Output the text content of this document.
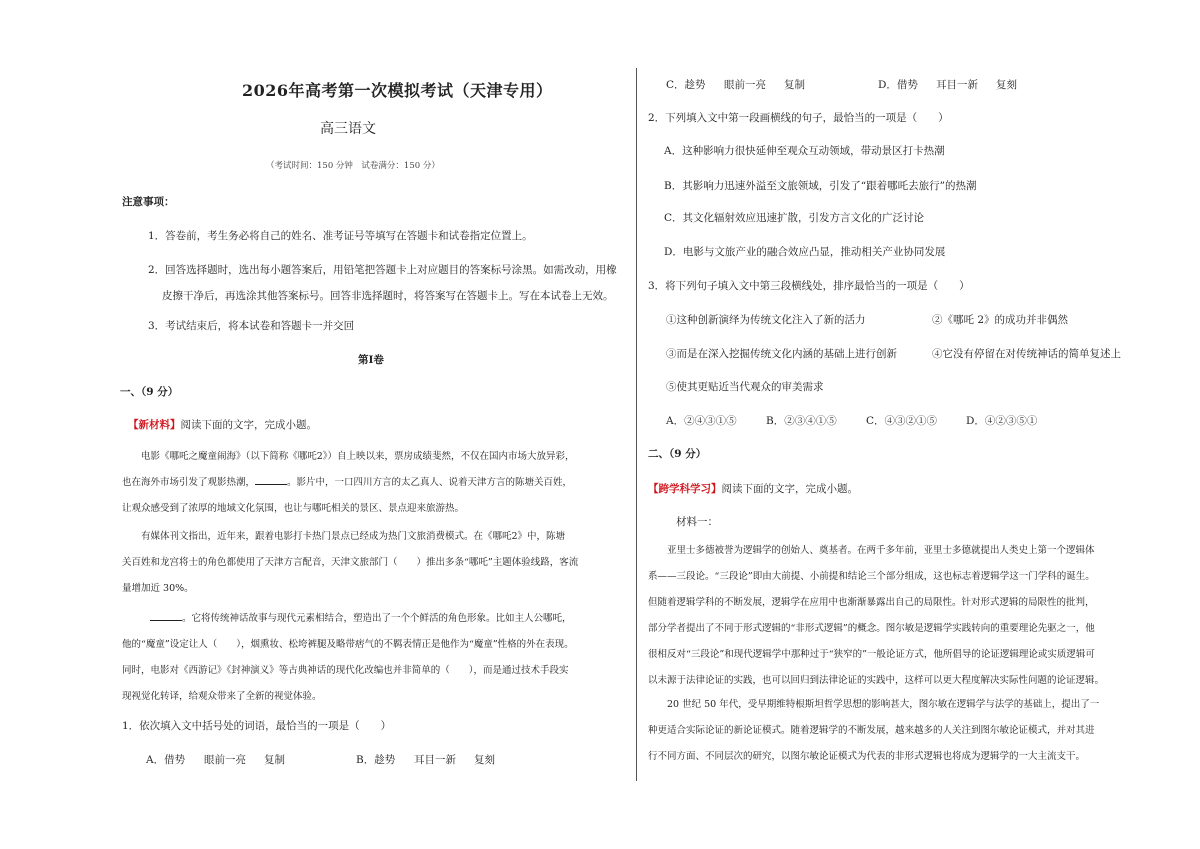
2026年高考第一次模拟考试（天津专用）

高三语文

（考试时间：150 分钟　试卷满分：150 分）

注意事项：

1．答卷前，考生务必将自己的姓名、准考证号等填写在答题卡和试卷指定位置上。

2．回答选择题时，选出每小题答案后，用铅笔把答题卡上对应题目的答案标号涂黑。如需改动，用橡

皮擦干净后，再选涂其他答案标号。回答非选择题时，将答案写在答题卡上。写在本试卷上无效。

3．考试结束后，将本试卷和答题卡一并交回

第Ⅰ卷

一、（9 分）

【新材料】阅读下面的文字，完成小题。

电影《哪吒之魔童闹海》（以下简称《哪吒2》）自上映以来，票房成绩斐然，不仅在国内市场大放异彩，
也在海外市场引发了观影热潮，	。影片中，一口四川方言的太乙真人、说着天津方言的陈塘关百姓，
让观众感受到了浓厚的地域文化氛围，也让与哪吒相关的景区、景点迎来旅游热。
有媒体刊文指出，近年来，跟着电影打卡热门景点已经成为热门文旅消费模式。在《哪吒2》中，陈塘
关百姓和龙宫将士的角色都使用了天津方言配音，天津文旅部门（　　）推出多条“哪吒”主题体验线路，客流
量增加近 30%。
。它将传统神话故事与现代元素相结合，塑造出了一个个鲜活的角色形象。比如主人公哪吒，
他的“魔童”设定让人（　　），烟熏妆、松垮裤腿及略带痞气的不羁表情正是他作为“魔童”性格的外在表现。
同时，电影对《西游记》《封神演义》等古典神话的现代化改编也并非简单的（　　），而是通过技术手段实
现视觉化转译，给观众带来了全新的视觉体验。

1．依次填入文中括号处的词语，最恰当的一项是（　　）

A．借势 眼前一亮 复制	B．趁势 耳目一新 复刻

C．趁势 眼前一亮 复制	D．借势 耳目一新 复刻

2．下列填入文中第一段画横线的句子，最恰当的一项是（　　）

A．这种影响力很快延伸至观众互动领域，带动景区打卡热潮

B．其影响力迅速外溢至文旅领域，引发了“跟着哪吒去旅行”的热潮

C．其文化辐射效应迅速扩散，引发方言文化的广泛讨论

D．电影与文旅产业的融合效应凸显，推动相关产业协同发展

3．将下列句子填入文中第三段横线处，排序最恰当的一项是（　　）

①这种创新演绎为传统文化注入了新的活力	②《哪吒 2》的成功并非偶然

③而是在深入挖掘传统文化内涵的基础上进行创新	④它没有停留在对传统神话的简单复述上

⑤使其更贴近当代观众的审美需求

A．②④③①⑤	B．②③④①⑤	C．④③②①⑤	D．④②③⑤①

二、（9 分）

【跨学科学习】阅读下面的文字，完成小题。

材料一：

亚里士多德被誉为逻辑学的创始人、奠基者。在两千多年前，亚里士多德就提出人类史上第一个逻辑体
系——三段论。“三段论”即由大前提、小前提和结论三个部分组成，这也标志着逻辑学这一门学科的诞生。
但随着逻辑学科的不断发展，逻辑学在应用中也渐渐暴露出自己的局限性。针对形式逻辑的局限性的批判，
部分学者提出了不同于形式逻辑的“非形式逻辑”的概念。图尔敏是逻辑学实践转向的重要理论先驱之一，他
很相反对“三段论”和现代逻辑学中那种过于“狭窄的”一般论证方式，他所倡导的论证逻辑理论或实质逻辑可
以未源于法律论证的实践，也可以回归到法律论证的实践中，这样可以更大程度解决实际性问题的论证逻辑。
20 世纪 50 年代，受早期维特根斯坦哲学思想的影响甚大，图尔敏在逻辑学与法学的基础上，提出了一
种更适合实际论证的新论证模式。随着逻辑学的不断发展，越来越多的人关注到图尔敏论证模式，并对其进
行不同方面、不同层次的研究，以图尔敏论证模式为代表的非形式逻辑也将成为逻辑学的一大主流支干。
